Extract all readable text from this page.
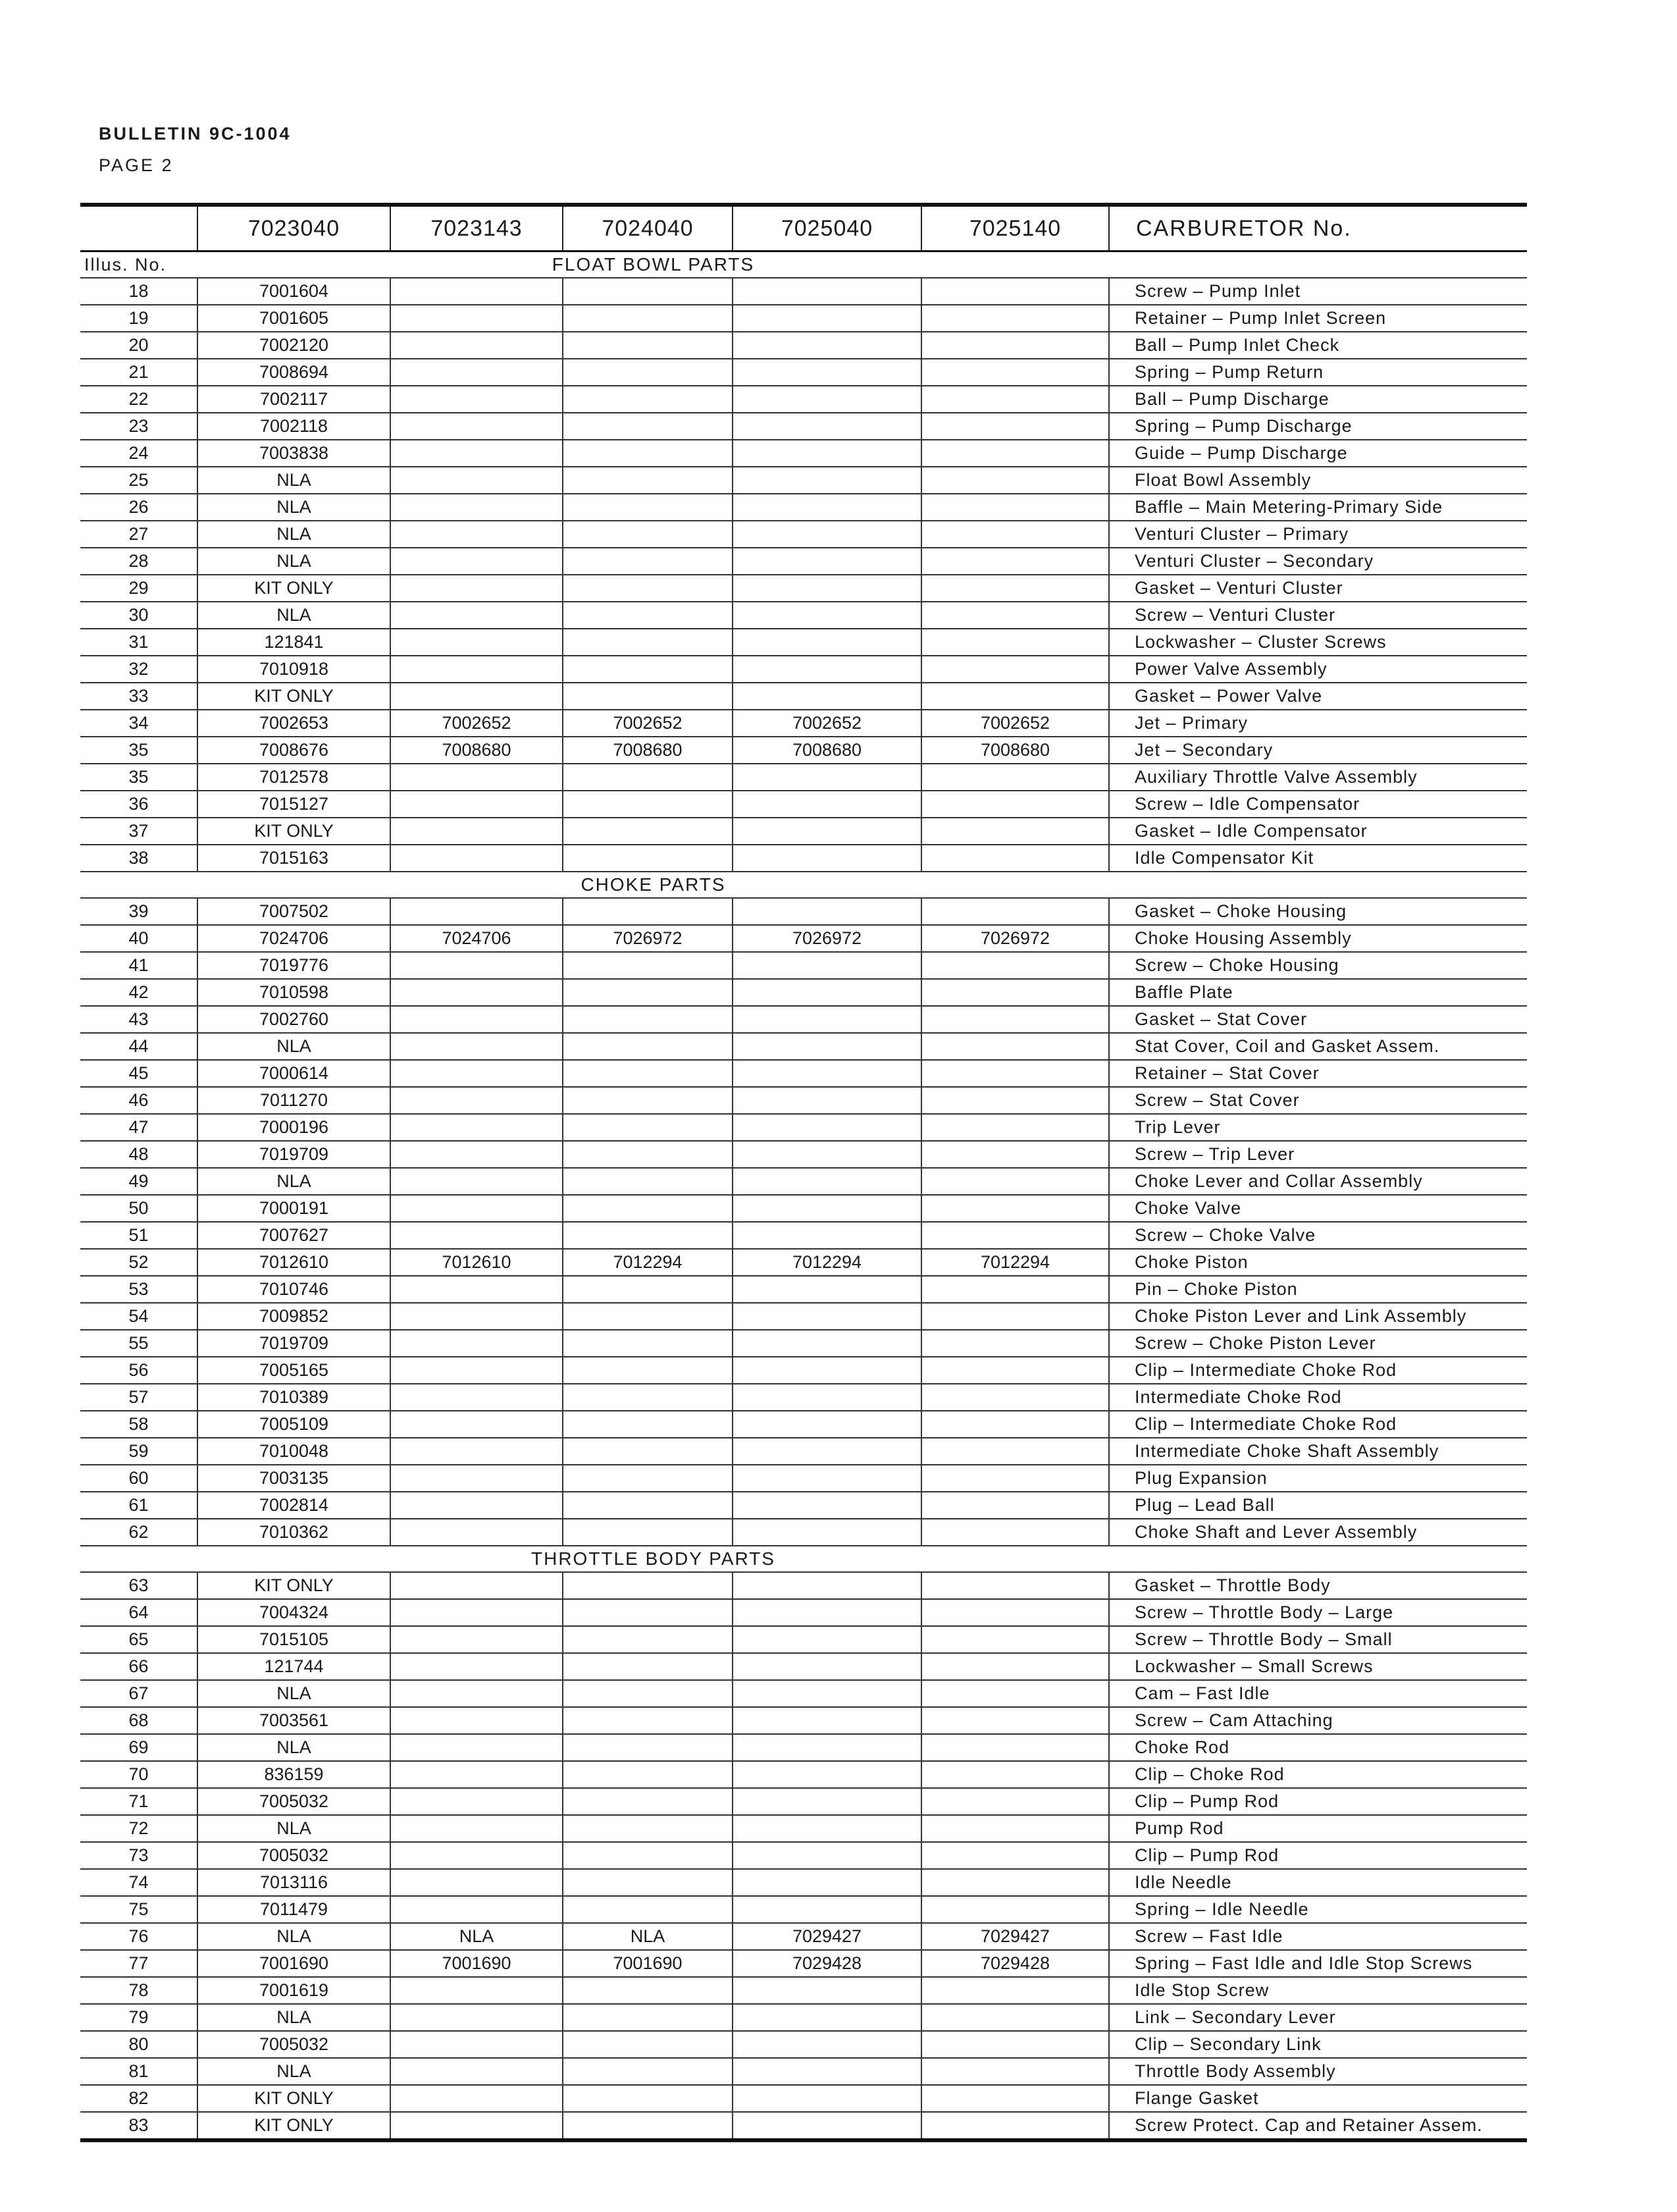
BULLETIN 9C-1004
PAGE 2
	7023040	7023143	7024040	7025040	7025140	CARBURETOR No.
Illus. No.	FLOAT BOWL PARTS					
18	7001604					Screw – Pump Inlet
19	7001605					Retainer – Pump Inlet Screen
20	7002120					Ball – Pump Inlet Check
21	7008694					Spring – Pump Return
22	7002117					Ball – Pump Discharge
23	7002118					Spring – Pump Discharge
24	7003838					Guide – Pump Discharge
25	NLA					Float Bowl Assembly
26	NLA					Baffle – Main Metering-Primary Side
27	NLA					Venturi Cluster – Primary
28	NLA					Venturi Cluster – Secondary
29	KIT ONLY					Gasket – Venturi Cluster
30	NLA					Screw – Venturi Cluster
31	121841					Lockwasher – Cluster Screws
32	7010918					Power Valve Assembly
33	KIT ONLY					Gasket – Power Valve
34	7002653	7002652	7002652	7002652	7002652	Jet – Primary
35	7008676	7008680	7008680	7008680	7008680	Jet – Secondary
35	7012578					Auxiliary Throttle Valve Assembly
36	7015127					Screw – Idle Compensator
37	KIT ONLY					Gasket – Idle Compensator
38	7015163					Idle Compensator Kit
	CHOKE PARTS					
39	7007502					Gasket – Choke Housing
40	7024706	7024706	7026972	7026972	7026972	Choke Housing Assembly
41	7019776					Screw – Choke Housing
42	7010598					Baffle Plate
43	7002760					Gasket – Stat Cover
44	NLA					Stat Cover, Coil and Gasket Assem.
45	7000614					Retainer – Stat Cover
46	7011270					Screw – Stat Cover
47	7000196					Trip Lever
48	7019709					Screw – Trip Lever
49	NLA					Choke Lever and Collar Assembly
50	7000191					Choke Valve
51	7007627					Screw – Choke Valve
52	7012610	7012610	7012294	7012294	7012294	Choke Piston
53	7010746					Pin – Choke Piston
54	7009852					Choke Piston Lever and Link Assembly
55	7019709					Screw – Choke Piston Lever
56	7005165					Clip – Intermediate Choke Rod
57	7010389					Intermediate Choke Rod
58	7005109					Clip – Intermediate Choke Rod
59	7010048					Intermediate Choke Shaft Assembly
60	7003135					Plug Expansion
61	7002814					Plug – Lead Ball
62	7010362					Choke Shaft and Lever Assembly
	THROTTLE BODY PARTS					
63	KIT ONLY					Gasket – Throttle Body
64	7004324					Screw – Throttle Body – Large
65	7015105					Screw – Throttle Body – Small
66	121744					Lockwasher – Small Screws
67	NLA					Cam – Fast Idle
68	7003561					Screw – Cam Attaching
69	NLA					Choke Rod
70	836159					Clip – Choke Rod
71	7005032					Clip – Pump Rod
72	NLA					Pump Rod
73	7005032					Clip – Pump Rod
74	7013116					Idle Needle
75	7011479					Spring – Idle Needle
76	NLA	NLA	NLA	7029427	7029427	Screw – Fast Idle
77	7001690	7001690	7001690	7029428	7029428	Spring – Fast Idle and Idle Stop Screws
78	7001619					Idle Stop Screw
79	NLA					Link – Secondary Lever
80	7005032					Clip – Secondary Link
81	NLA					Throttle Body Assembly
82	KIT ONLY					Flange Gasket
83	KIT ONLY					Screw Protect. Cap and Retainer Assem.
